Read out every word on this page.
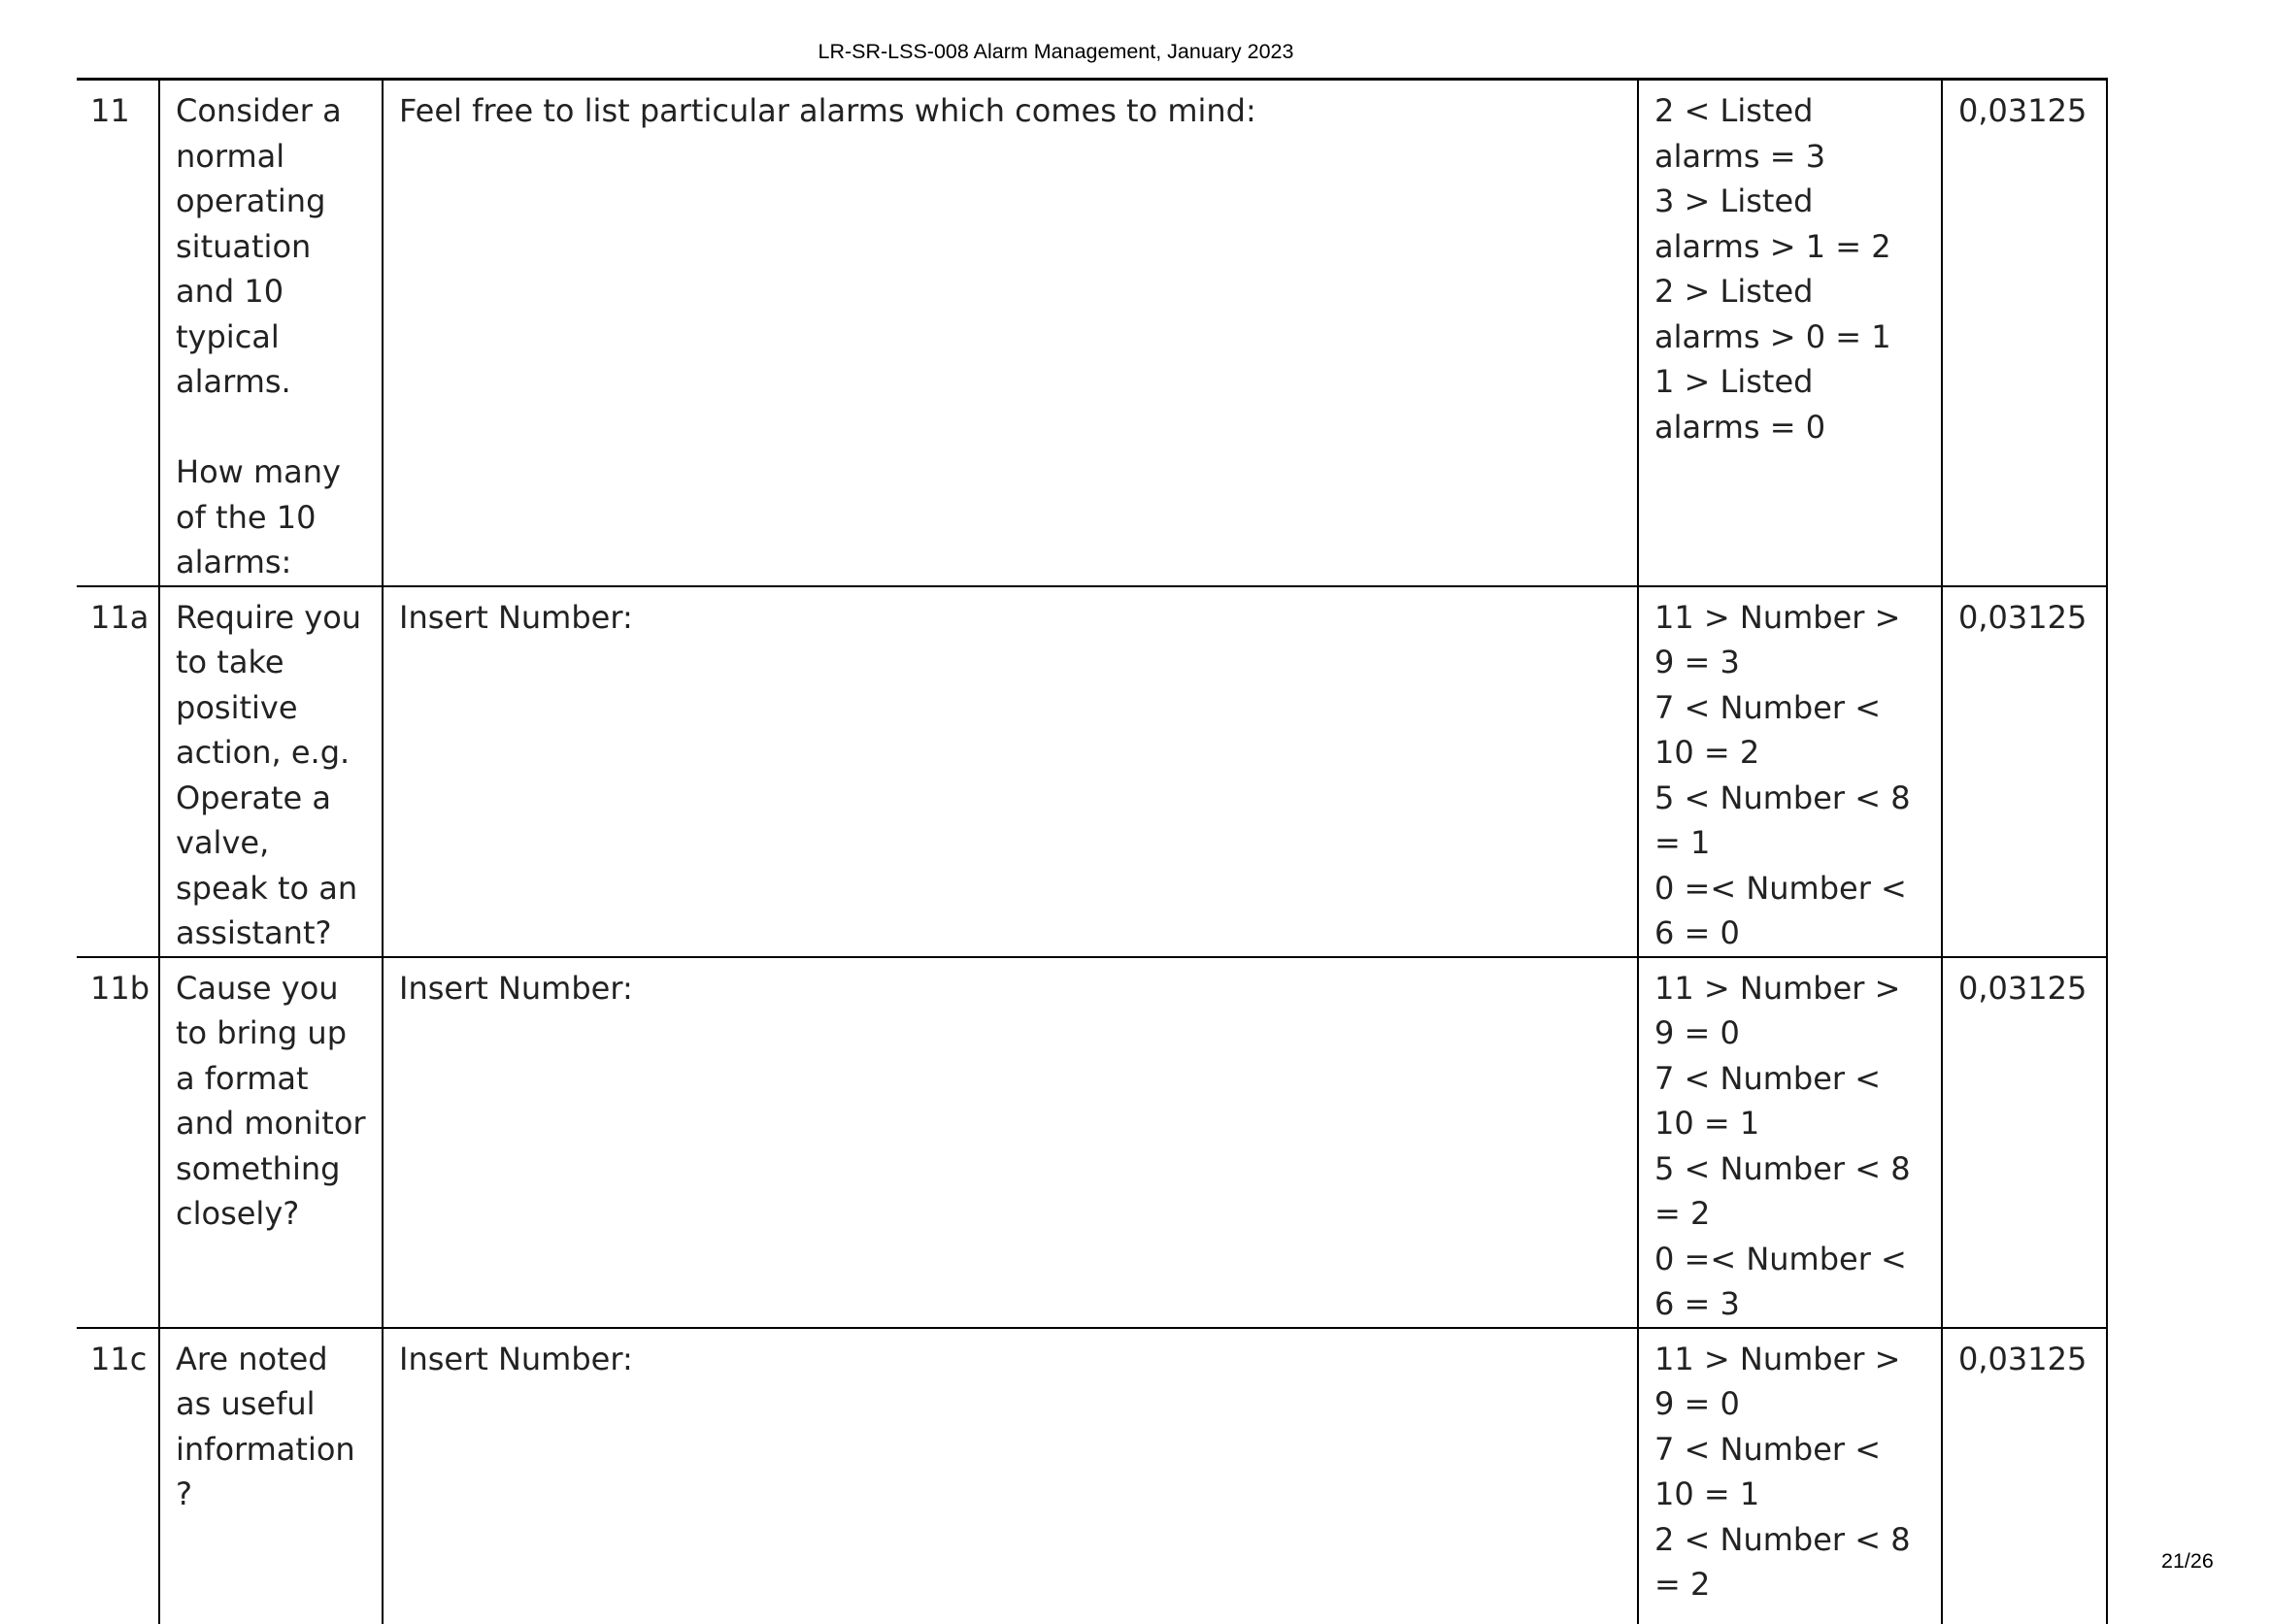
LR-SR-LSS-008 Alarm Management, January 2023
11	Consider a normal operating situation and 10 typical alarms.

How many of the 10 alarms:	Feel free to list particular alarms which comes to mind:	2 < Listed alarms = 3
3 > Listed alarms > 1 = 2
2 > Listed alarms > 0 = 1
1 > Listed alarms = 0	0,03125
11a	Require you to take positive action, e.g. Operate a valve, speak to an assistant?	Insert Number:	11 > Number > 9 = 3
7 < Number < 10 = 2
5 < Number < 8 = 1
0 =< Number < 6 = 0	0,03125
11b	Cause you to bring up a format and monitor something closely?	Insert Number:	11 > Number > 9 = 0
7 < Number < 10 = 1
5 < Number < 8 = 2
0 =< Number < 6 = 3	0,03125
11c	Are noted as useful information?	Insert Number:	11 > Number > 9 = 0
7 < Number < 10 = 1
2 < Number < 8 = 2	0,03125
21/26
